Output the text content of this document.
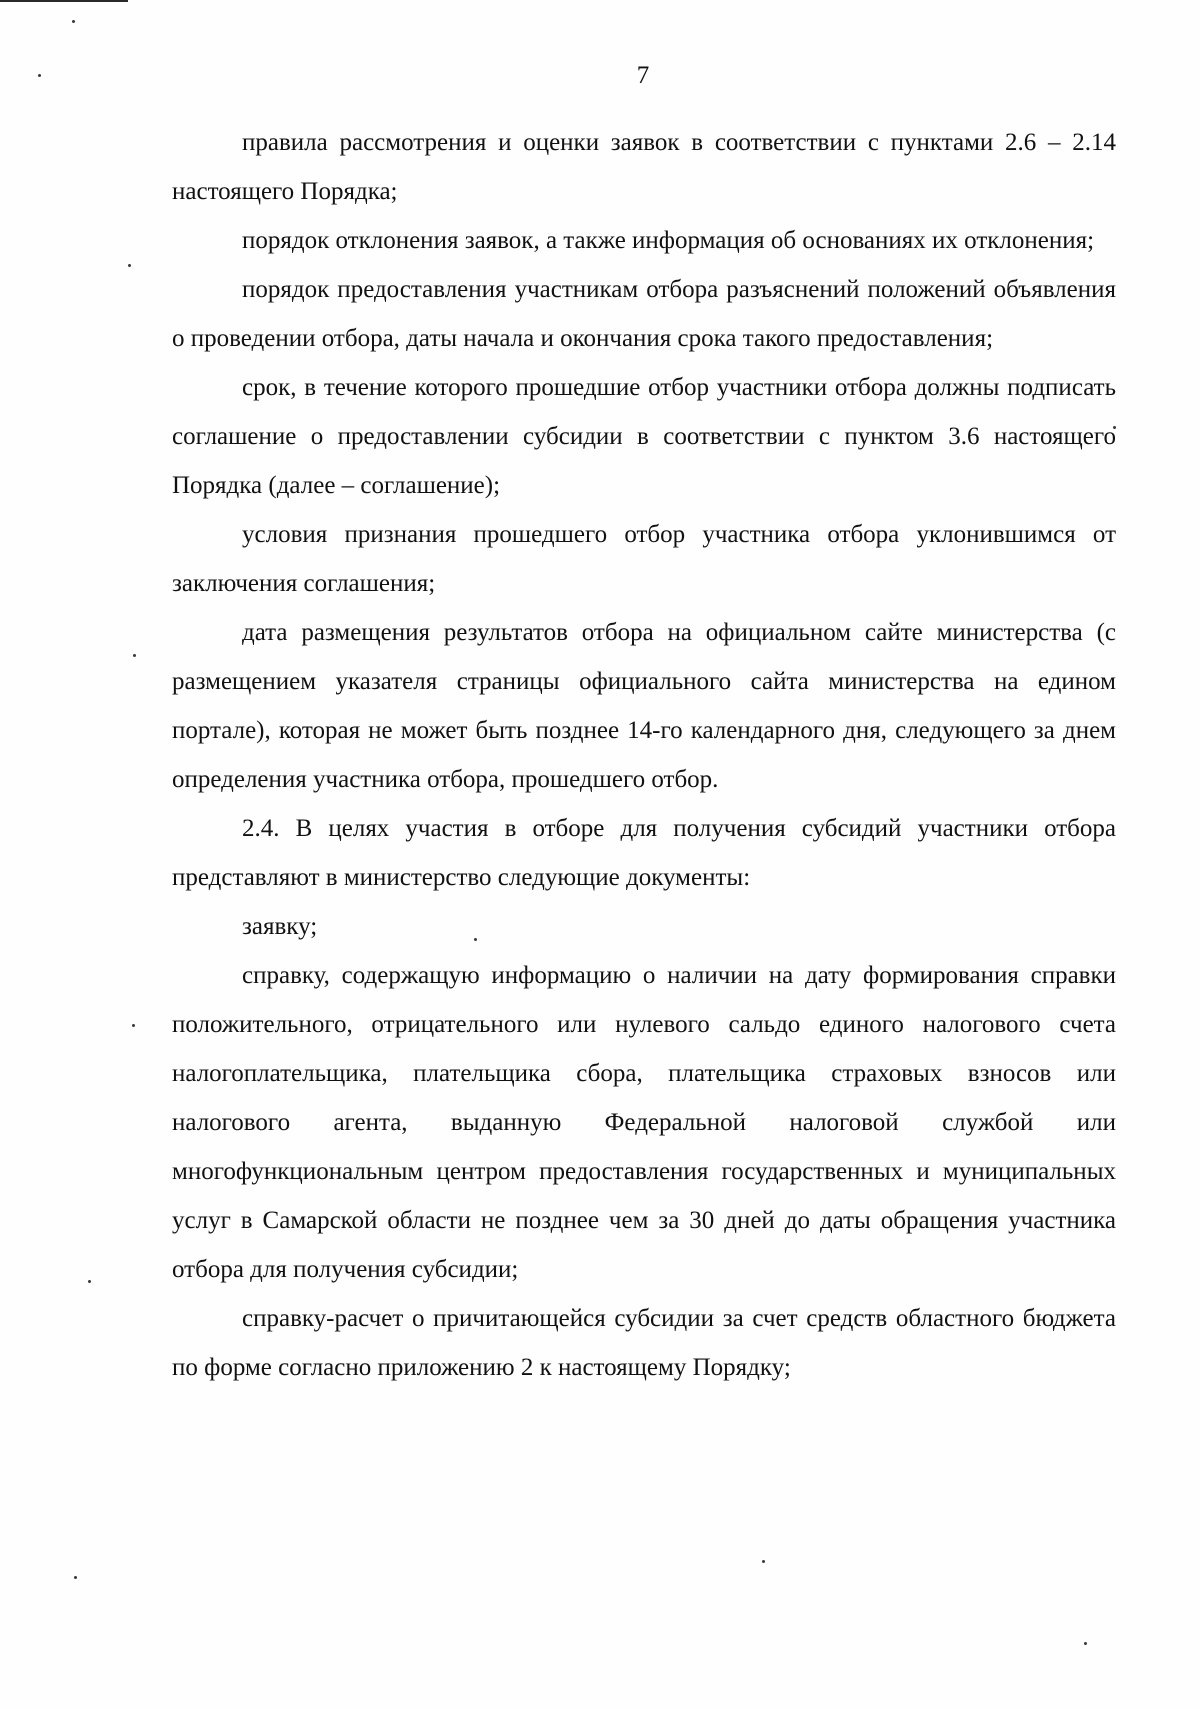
7

правила рассмотрения и оценки заявок в соответствии с пунктами 2.6 – 2.14 настоящего Порядка;

порядок отклонения заявок, а также информация об основаниях их отклонения;

порядок предоставления участникам отбора разъяснений положений объявления о проведении отбора, даты начала и окончания срока такого предоставления;

срок, в течение которого прошедшие отбор участники отбора должны подписать соглашение о предоставлении субсидии в соответствии с пунктом 3.6 настоящего Порядка (далее – соглашение);

условия признания прошедшего отбор участника отбора уклонившимся от заключения соглашения;

дата размещения результатов отбора на официальном сайте министерства (с размещением указателя страницы официального сайта министерства на едином портале), которая не может быть позднее 14-го календарного дня, следующего за днем определения участника отбора, прошедшего отбор.

2.4. В целях участия в отборе для получения субсидий участники отбора представляют в министерство следующие документы:

заявку;

справку, содержащую информацию о наличии на дату формирования справки положительного, отрицательного или нулевого сальдо единого налогового счета налогоплательщика, плательщика сбора, плательщика страховых взносов или налогового агента, выданную Федеральной налоговой службой или многофункциональным центром предоставления государственных и муниципальных услуг в Самарской области не позднее чем за 30 дней до даты обращения участника отбора для получения субсидии;

справку-расчет о причитающейся субсидии за счет средств областного бюджета по форме согласно приложению 2 к настоящему Порядку;
